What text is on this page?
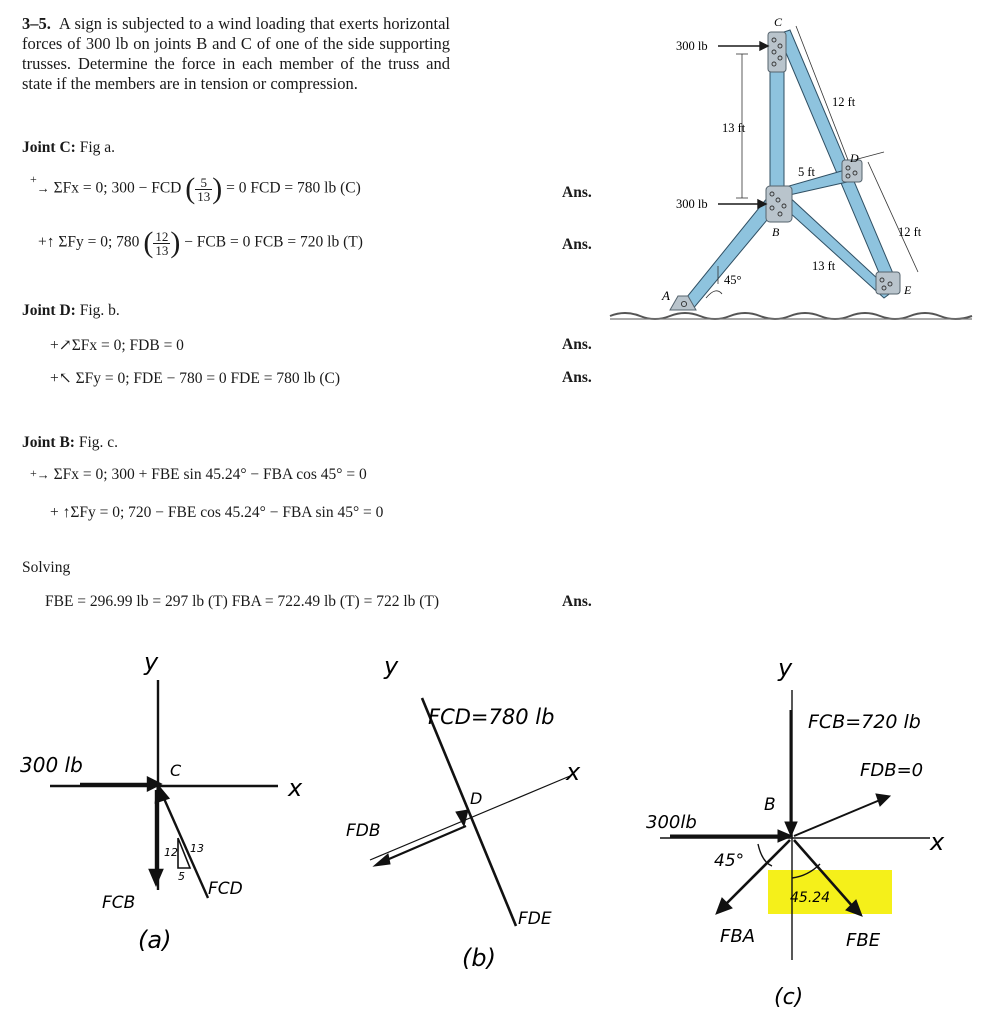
3–5. A sign is subjected to a wind loading that exerts horizontal forces of 300 lb on joints B and C of one of the side supporting trusses. Determine the force in each member of the truss and state if the members are in tension or compression.
Joint C: Fig a.
+→ ΣFx = 0; 300 − FCD ( $\frac{5}{13}$ ) = 0 FCD = 780 lb (C)	Ans.
+↑ ΣFy = 0; 780 ( $\frac{12}{13}$ ) − FCB = 0 FCB = 720 lb (T)	Ans.
Joint D: Fig. b.
+↗ΣFx = 0; FDB = 0	Ans.
+↖ ΣFy = 0; FDE − 780 = 0 FDE = 780 lb (C)	Ans.
Joint B: Fig. c.
+→ ΣFx = 0; 300 + FBE sin 45.24° − FBA cos 45° = 0
+ ↑ΣFy = 0; 720 − FBE cos 45.24° − FBA sin 45° = 0
Solving
FBE = 296.99 lb = 297 lb (T) FBA = 722.49 lb (T) = 722 lb (T)	Ans.
300 lb
300 lb
13 ft
12 ft
5 ft
12 ft
13 ft
45°
A
B
C
D
E
y
x
300 lb	C
FCB
FCD
12 13
5
(a)
y
x
FCD=780 lb
D
FDB
FDE
(b)
y
x
FCB=720 lb
FDB=0
B
300lb
45°
45.24
FBA	FBE
(c)
